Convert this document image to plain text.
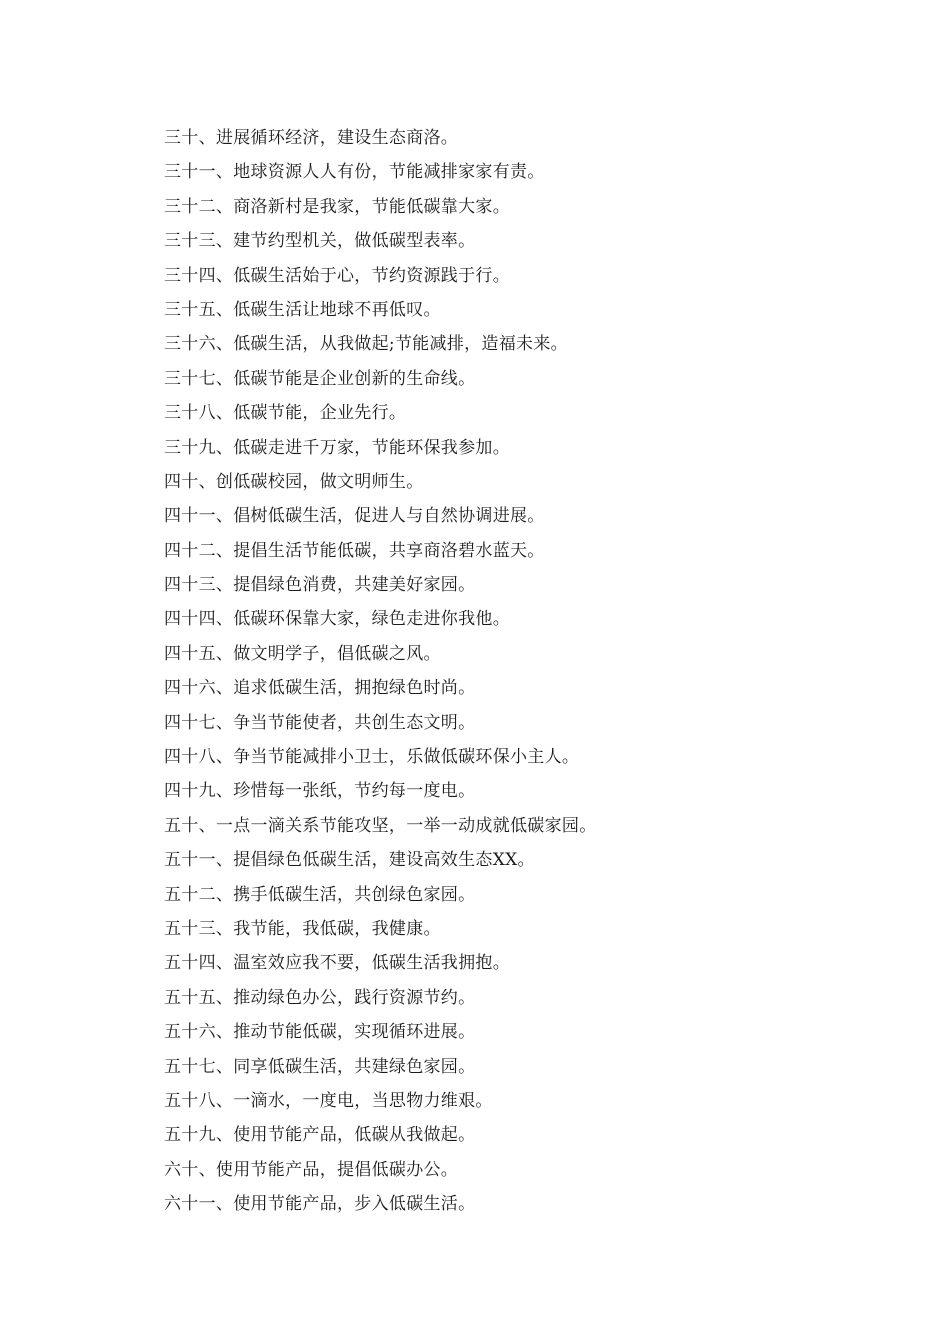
三十、进展循环经济，建设生态商洛。
三十一、地球资源人人有份，节能减排家家有责。
三十二、商洛新村是我家，节能低碳靠大家。
三十三、建节约型机关，做低碳型表率。
三十四、低碳生活始于心，节约资源践于行。
三十五、低碳生活让地球不再低叹。
三十六、低碳生活，从我做起;节能减排，造福未来。
三十七、低碳节能是企业创新的生命线。
三十八、低碳节能，企业先行。
三十九、低碳走进千万家，节能环保我参加。
四十、创低碳校园，做文明师生。
四十一、倡树低碳生活，促进人与自然协调进展。
四十二、提倡生活节能低碳，共享商洛碧水蓝天。
四十三、提倡绿色消费，共建美好家园。
四十四、低碳环保靠大家，绿色走进你我他。
四十五、做文明学子，倡低碳之风。
四十六、追求低碳生活，拥抱绿色时尚。
四十七、争当节能使者，共创生态文明。
四十八、争当节能减排小卫士，乐做低碳环保小主人。
四十九、珍惜每一张纸，节约每一度电。
五十、一点一滴关系节能攻坚，一举一动成就低碳家园。
五十一、提倡绿色低碳生活，建设高效生态XX。
五十二、携手低碳生活，共创绿色家园。
五十三、我节能，我低碳，我健康。
五十四、温室效应我不要，低碳生活我拥抱。
五十五、推动绿色办公，践行资源节约。
五十六、推动节能低碳，实现循环进展。
五十七、同享低碳生活，共建绿色家园。
五十八、一滴水，一度电，当思物力维艰。
五十九、使用节能产品，低碳从我做起。
六十、使用节能产品，提倡低碳办公。
六十一、使用节能产品，步入低碳生活。
